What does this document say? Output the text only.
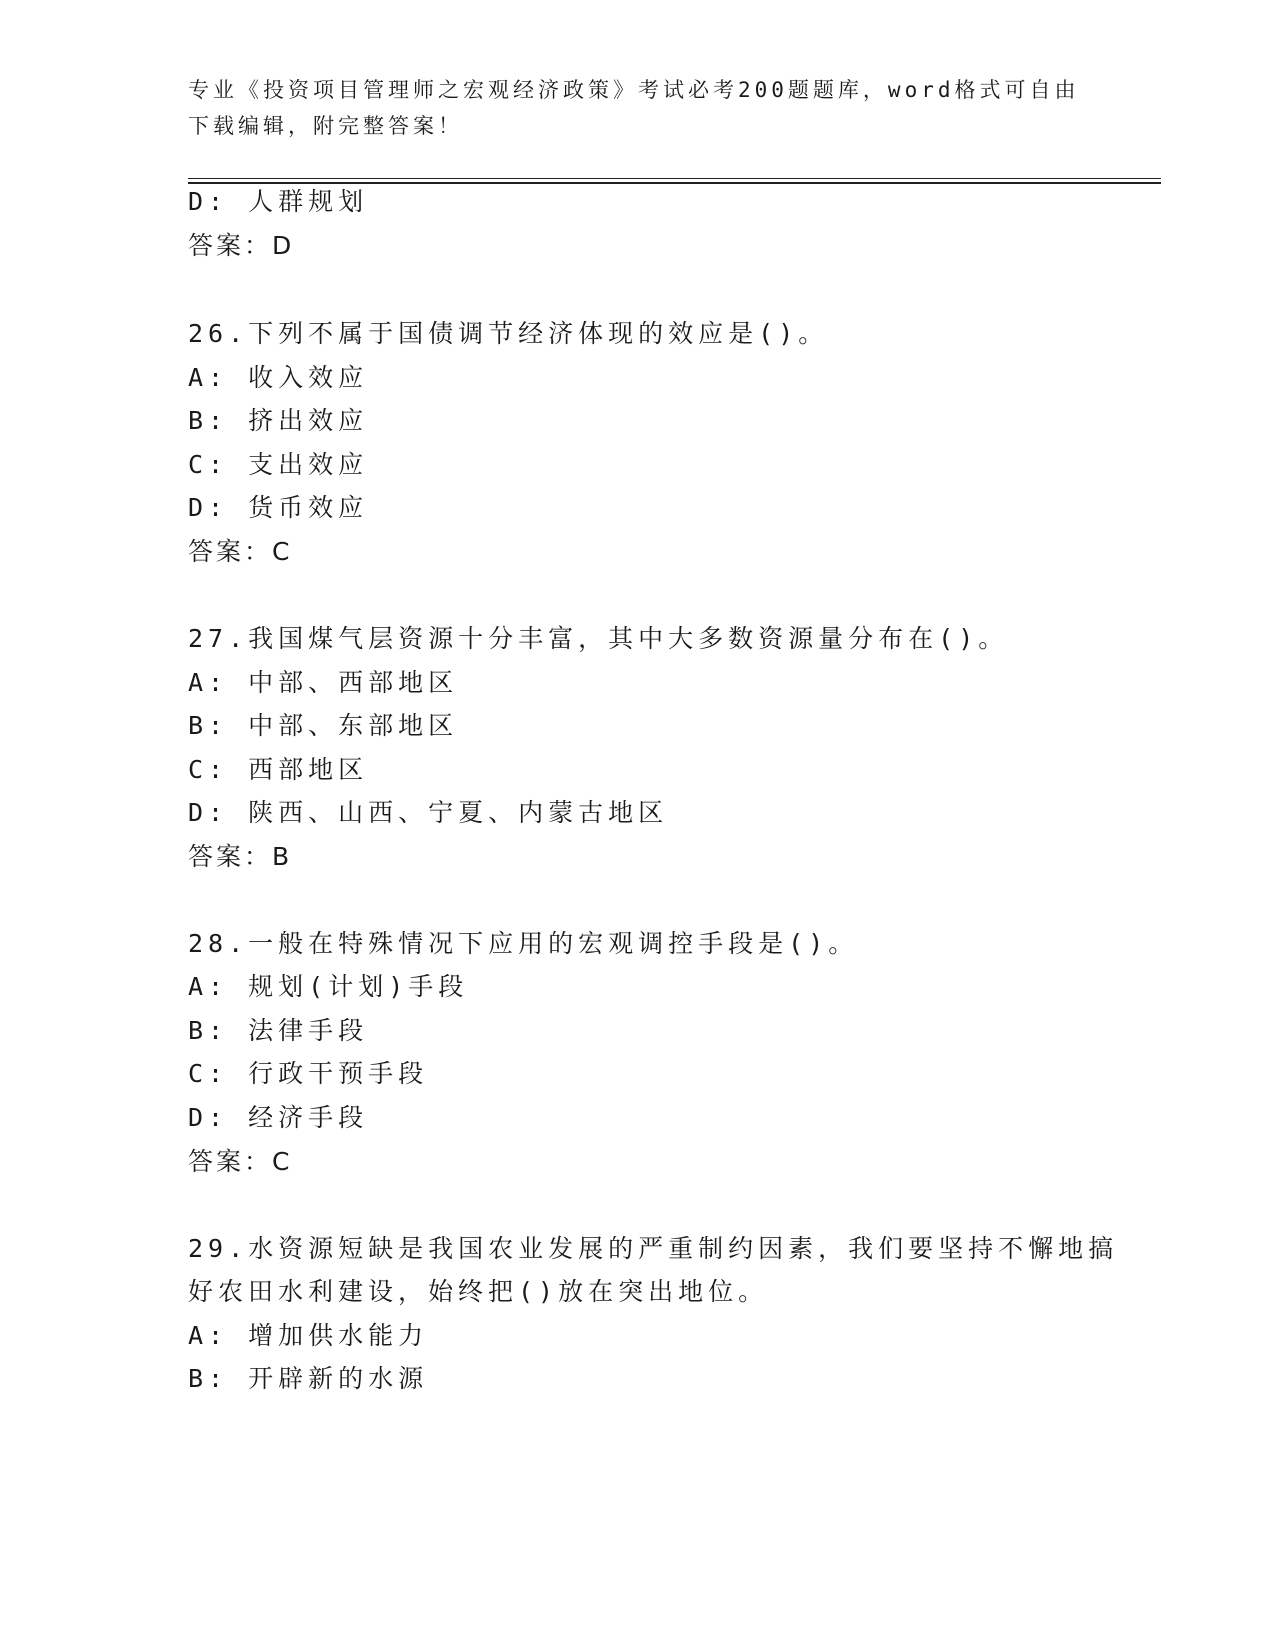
专业《投资项目管理师之宏观经济政策》考试必考200题题库，word格式可自由
下载编辑，附完整答案！
D: 人群规划
答案：D
26.下列不属于国债调节经济体现的效应是()。
A: 收入效应
B: 挤出效应
C: 支出效应
D: 货币效应
答案：C
27.我国煤气层资源十分丰富，其中大多数资源量分布在()。
A: 中部、西部地区
B: 中部、东部地区
C: 西部地区
D: 陕西、山西、宁夏、内蒙古地区
答案：B
28.一般在特殊情况下应用的宏观调控手段是()。
A: 规划(计划)手段
B: 法律手段
C: 行政干预手段
D: 经济手段
答案：C
29.水资源短缺是我国农业发展的严重制约因素，我们要坚持不懈地搞
好农田水利建设，始终把()放在突出地位。
A: 增加供水能力
B: 开辟新的水源
